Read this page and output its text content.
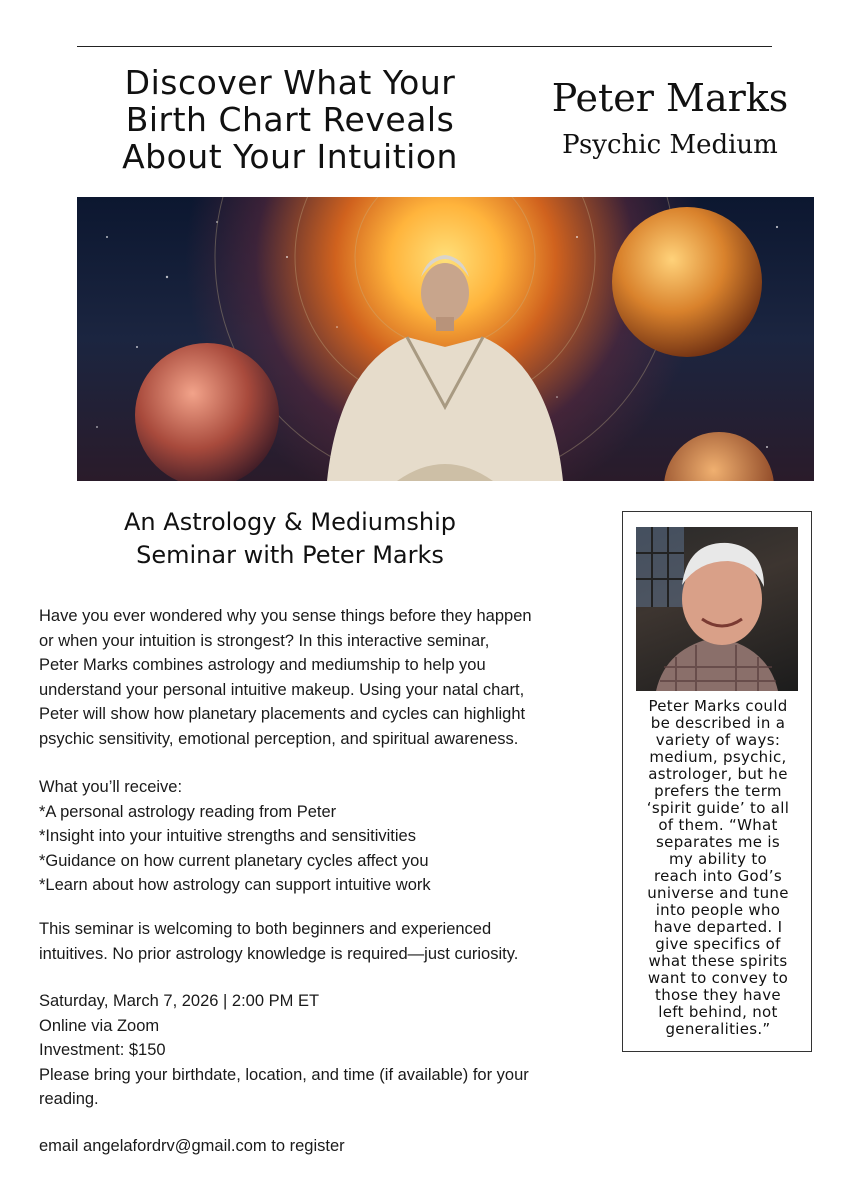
Discover What Your
Birth Chart Reveals
About Your Intuition
Peter Marks
Psychic Medium
An Astrology & Mediumship
Seminar with Peter Marks
Have you ever wondered why you sense things before they happen
or when your intuition is strongest? In this interactive seminar,
Peter Marks combines astrology and mediumship to help you
understand your personal intuitive makeup. Using your natal chart,
Peter will show how planetary placements and cycles can highlight
psychic sensitivity, emotional perception, and spiritual awareness.
What you’ll receive:
*A personal astrology reading from Peter
*Insight into your intuitive strengths and sensitivities
*Guidance on how current planetary cycles affect you
*Learn about how astrology can support intuitive work
This seminar is welcoming to both beginners and experienced
intuitives. No prior astrology knowledge is required—just curiosity.
Saturday, March 7, 2026 | 2:00 PM ET
Online via Zoom
Investment: $150
Please bring your birthdate, location, and time (if available) for your
reading.
email angelafordrv@gmail.com to register
Peter Marks could
be described in a
variety of ways:
medium, psychic,
astrologer, but he
prefers the term
‘spirit guide’ to all
of them. “What
separates me is
my ability to
reach into God’s
universe and tune
into people who
have departed. I
give specifics of
what these spirits
want to convey to
those they have
left behind, not
generalities.”
